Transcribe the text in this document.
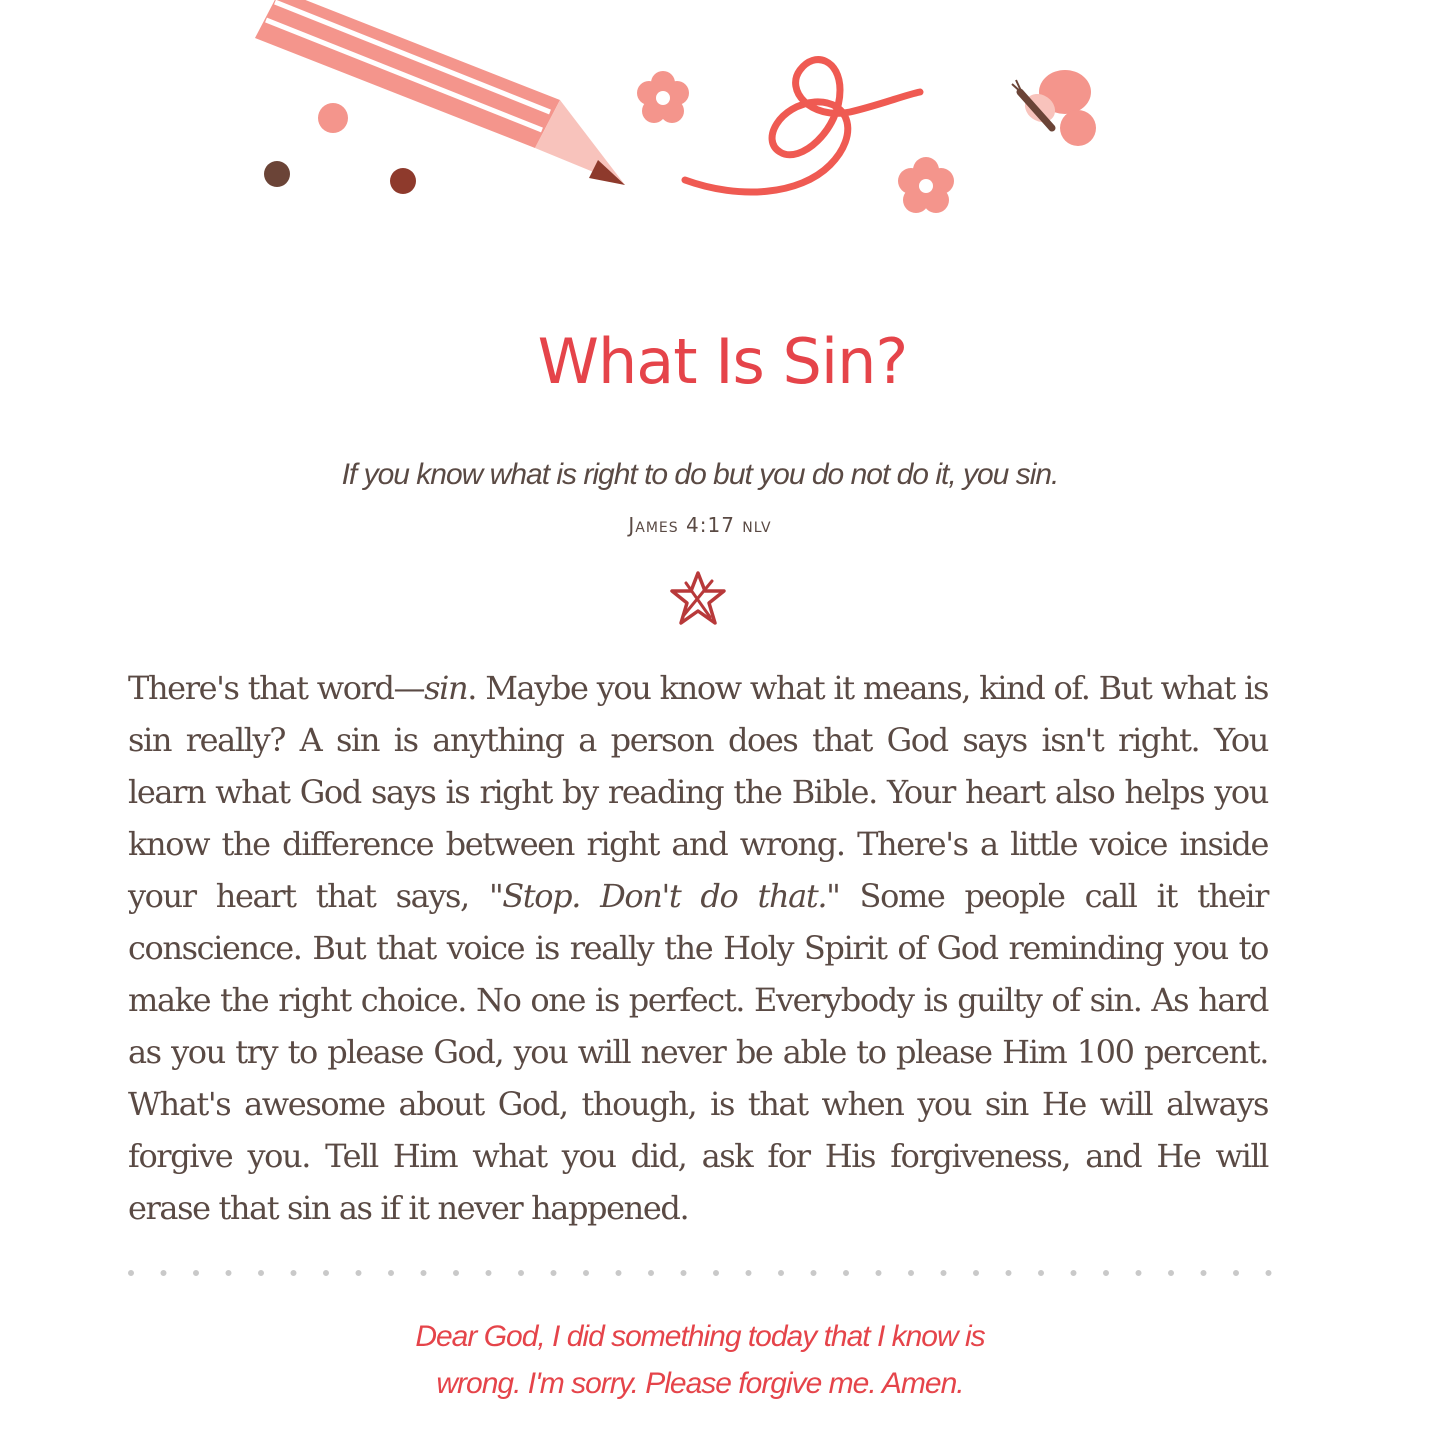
What Is Sin?
If you know what is right to do but you do not do it, you sin.
James 4:17 nlv
There's that word—sin. Maybe you know what it means, kind of. But what is sin really? A sin is anything a person does that God says isn't right. You learn what God says is right by reading the Bible. Your heart also helps you know the difference between right and wrong. There's a little voice inside your heart that says, "Stop. Don't do that." Some people call it their conscience. But that voice is really the Holy Spirit of God reminding you to make the right choice. No one is perfect. Everybody is guilty of sin. As hard as you try to please God, you will never be able to please Him 100 percent. What's awesome about God, though, is that when you sin He will always forgive you. Tell Him what you did, ask for His forgiveness, and He will erase that sin as if it never happened.
Dear God, I did something today that I know is
wrong. I'm sorry. Please forgive me. Amen.
